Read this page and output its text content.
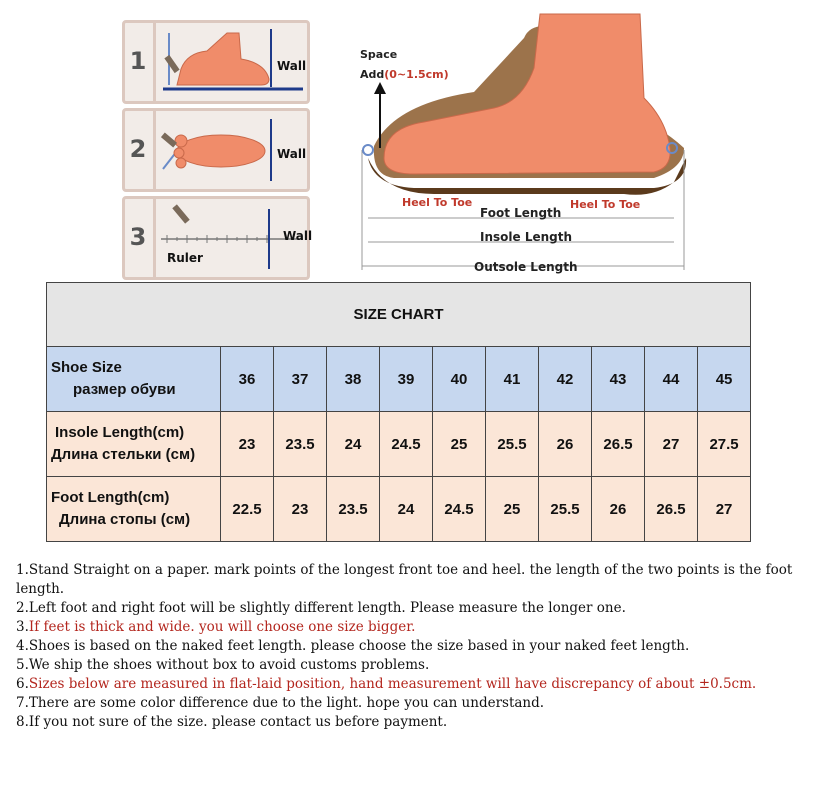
1	Wall
2	Wall
3	Wall
Ruler
Space
Add(0~1.5cm)
Heel To Toe	Heel To Toe
Foot Length
Insole Length
Outsole Length
SIZE CHART										

Shoe Size
размер обуви	36	37	38	39	40	41	42	43	44	45

Insole Length(cm)
Длина стельки (см)	23	23.5	24	24.5	25	25.5	26	26.5	27	27.5

Foot Length(cm)
Длина стопы (см)	22.5	23	23.5	24	24.5	25	25.5	26	26.5	27

1.Stand Straight on a paper. mark points of the longest front toe and heel. the length of the two points is the foot length.

2.Left foot and right foot will be slightly different length. Please measure the longer one.

3.If feet is thick and wide. you will choose one size bigger.

4.Shoes is based on the naked feet length. please choose the size based in your naked feet length.

5.We ship the shoes without box to avoid customs problems.

6.Sizes below are measured in flat-laid position, hand measurement will have discrepancy of about ±0.5cm.

7.There are some color difference due to the light. hope you can understand.

8.If you not sure of the size. please contact us before payment.
